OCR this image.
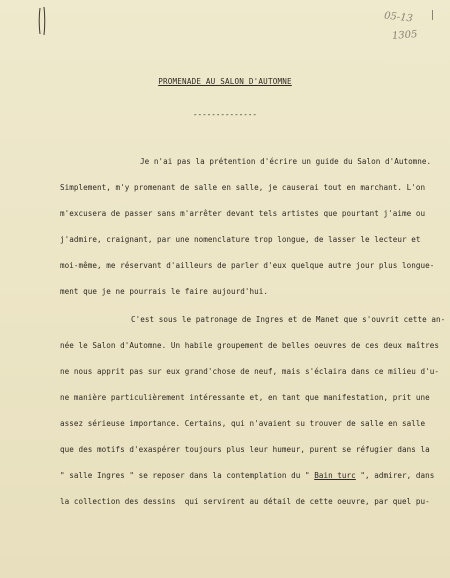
05-13
1305
PROMENADE AU SALON D'AUTOMNE
--------------
Je n'ai pas la prétention d'écrire un guide du Salon d'Automne.
Simplement, m'y promenant de salle en salle, je causerai tout en marchant. L'on
m'excusera de passer sans m'arrêter devant tels artistes que pourtant j'aime ou
j'admire, craignant, par une nomenclature trop longue, de lasser le lecteur et
moi-même, me réservant d'ailleurs de parler d'eux quelque autre jour plus longue-
ment que je ne pourrais le faire aujourd'hui.
C'est sous le patronage de Ingres et de Manet que s'ouvrit cette an-
née le Salon d'Automne. Un habile groupement de belles oeuvres de ces deux maîtres
ne nous apprit pas sur eux grand'chose de neuf, mais s'éclaira dans ce milieu d'u-
ne manière particulièrement intéressante et, en tant que manifestation, prit une
assez sérieuse importance. Certains, qui n'avaient su trouver de salle en salle
que des motifs d'exaspérer toujours plus leur humeur, purent se réfugier dans la
" salle Ingres " se reposer dans la contemplation du " Bain turc ", admirer, dans
la collection des dessins  qui servirent au détail de cette oeuvre, par quel pu-
